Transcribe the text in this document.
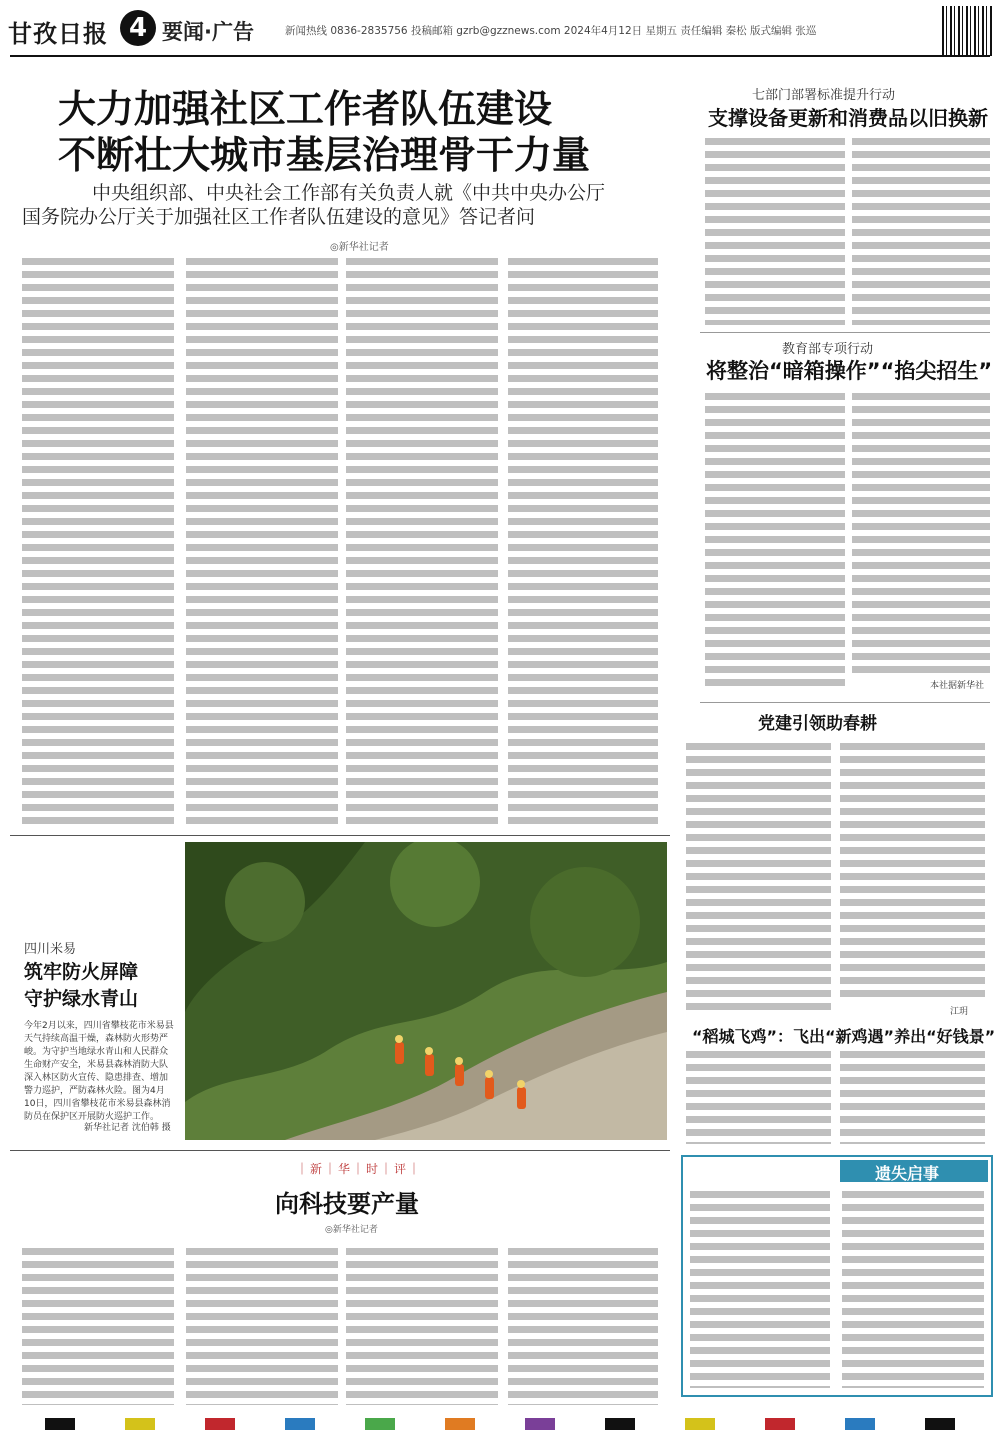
甘孜日报 4 要闻·广告	新闻热线 0836-2835756 投稿邮箱 gzrb@gzznews.com 2024年4月12日 星期五 责任编辑 秦松 版式编辑 张巡
大力加强社区工作者队伍建设
不断壮大城市基层治理骨干力量
中央组织部、中央社会工作部有关负责人就《中共中央办公厅
国务院办公厅关于加强社区工作者队伍建设的意见》答记者问
◎新华社记者
七部门部署标准提升行动
支撑设备更新和消费品以旧换新
教育部专项行动
将整治“暗箱操作”“掐尖招生”
本社据新华社
党建引领助春耕
江玥
“稻城飞鸡”：飞出“新鸡遇”养出“好钱景”
四川米易
筑牢防火屏障
守护绿水青山
今年2月以来，四川省攀枝花市米易县天气持续高温干燥，森林防火形势严峻。为守护当地绿水青山和人民群众生命财产安全，米易县森林消防大队深入林区防火宣传、隐患排查、增加警力巡护，严防森林火险。图为4月10日，四川省攀枝花市米易县森林消防员在保护区开展防火巡护工作。
新华社记者 沈伯韩 摄
｜新｜华｜时｜评｜
向科技要产量
◎新华社记者
遗失启事
